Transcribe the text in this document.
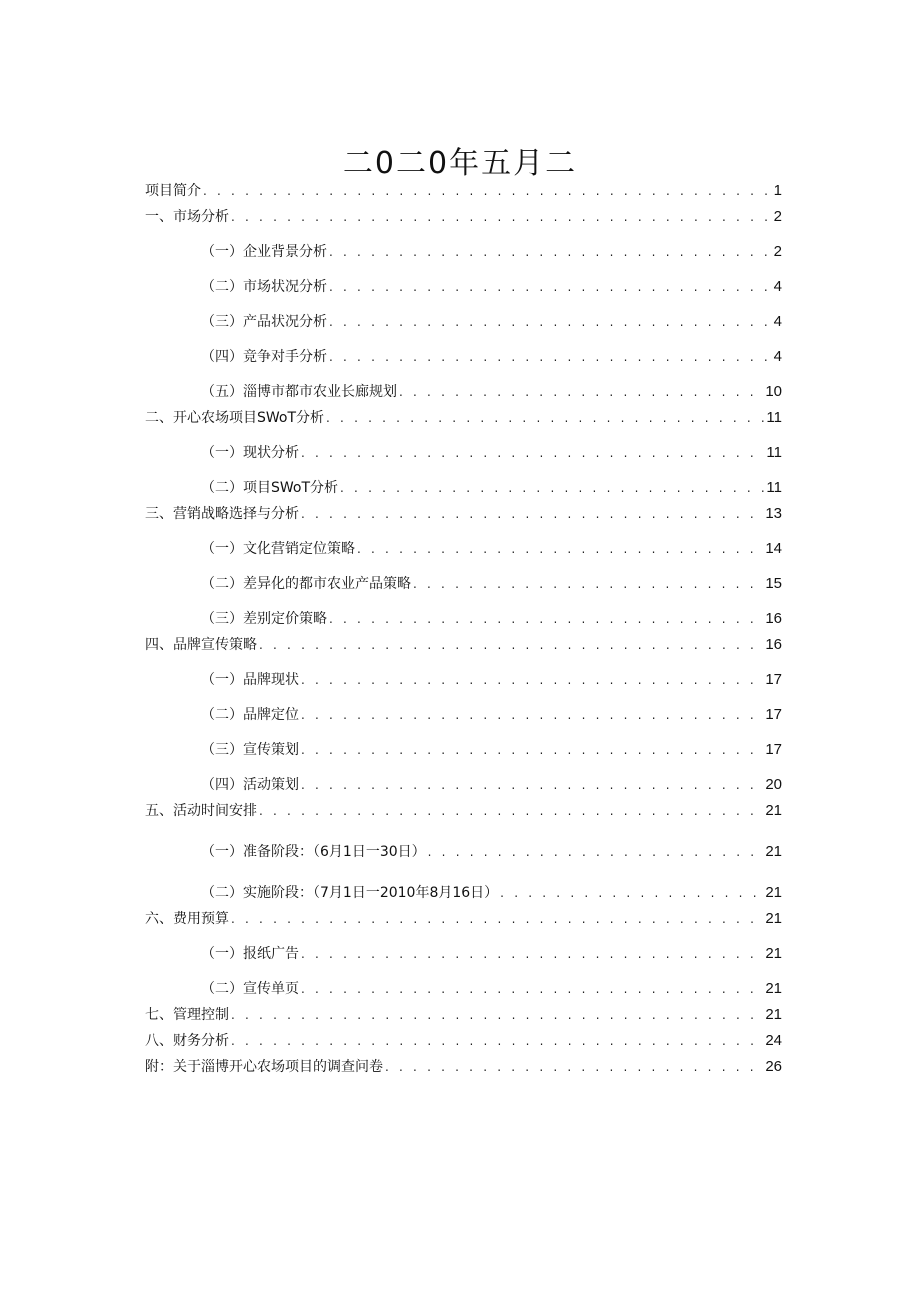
二0二0年五月二
项目简介 . . .	1
一、市场分析 . . .	2
（一）企业背景分析 . . .	2
（二）市场状况分析 . . .	4
（三）产品状况分析 . . .	4
（四）竞争对手分析 . . .	4
（五）淄博市都市农业长廊规划 . . .	10
二、开心农场项目SWoT分析 . . .	11
（一）现状分析 . . .	11
（二）项目SWoT分析 . . .	11
三、营销战略选择与分析 . . .	13
（一）文化营销定位策略 . . .	14
（二）差异化的都市农业产品策略 . . .	15
（三）差别定价策略 . . .	16
四、品牌宣传策略 . . .	16
（一）品牌现状 . . .	17
（二）品牌定位 . . .	17
（三）宣传策划 . . .	17
（四）活动策划 . . .	20
五、活动时间安排 . . .	21
（一）准备阶段：（6月1日一30日） . . .	21
（二）实施阶段：（7月1日一2010年8月16日） . . .	21
六、费用预算 . . .	21
（一）报纸广告 . . .	21
（二）宣传单页 . . .	21
七、管理控制 . . .	21
八、财务分析 . . .	24
附：关于淄博开心农场项目的调查问卷 . . .	26
